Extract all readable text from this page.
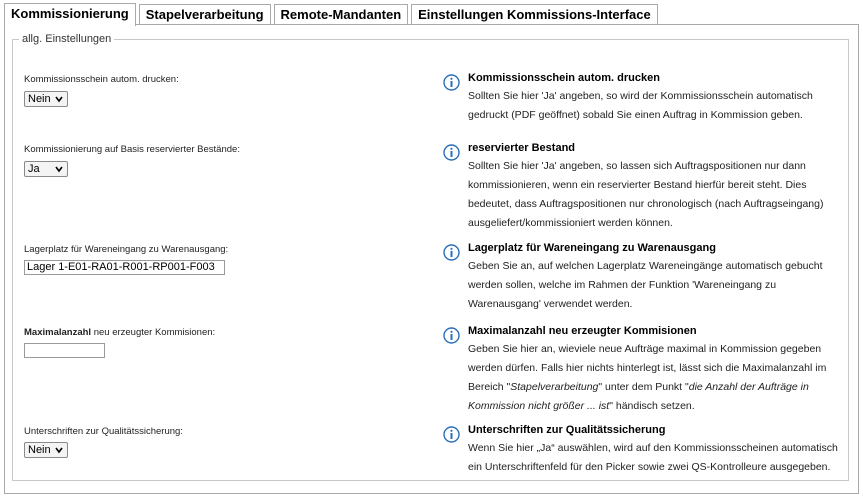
Kommissionierung	Stapelverarbeitung	Remote-Mandanten	Einstellungen Kommissions-Interface
allg. Einstellungen
Kommissionsschein autom. drucken:
Nein
Kommissionsschein autom. drucken
Sollten Sie hier 'Ja' angeben, so wird der Kommissionsschein automatisch gedruckt (PDF geöffnet) sobald Sie einen Auftrag in Kommission geben.
Kommissionierung auf Basis reservierter Bestände:
Ja
reservierter Bestand
Sollten Sie hier 'Ja' angeben, so lassen sich Auftragspositionen nur dann kommissionieren, wenn ein reservierter Bestand hierfür bereit steht. Dies bedeutet, dass Auftragspositionen nur chronologisch (nach Auftragseingang) ausgeliefert/kommissioniert werden können.
Lagerplatz für Wareneingang zu Warenausgang:
Lager 1-E01-RA01-R001-RP001-F003
Lagerplatz für Wareneingang zu Warenausgang
Geben Sie an, auf welchen Lagerplatz Wareneingänge automatisch gebucht werden sollen, welche im Rahmen der Funktion 'Wareneingang zu Warenausgang' verwendet werden.
Maximalanzahl neu erzeugter Kommisionen:	Maximalanzahl neu erzeugter Kommisionen
Geben Sie hier an, wieviele neue Aufträge maximal in Kommission gegeben werden dürfen. Falls hier nichts hinterlegt ist, lässt sich die Maximalanzahl im Bereich "Stapelverarbeitung" unter dem Punkt "die Anzahl der Aufträge in Kommission nicht größer ... ist" händisch setzen.
Unterschriften zur Qualitätssicherung:
Nein
Unterschriften zur Qualitätssicherung
Wenn Sie hier „Ja“ auswählen, wird auf den Kommissionsscheinen automatisch ein Unterschriftenfeld für den Picker sowie zwei QS-Kontrolleure ausgegeben.
